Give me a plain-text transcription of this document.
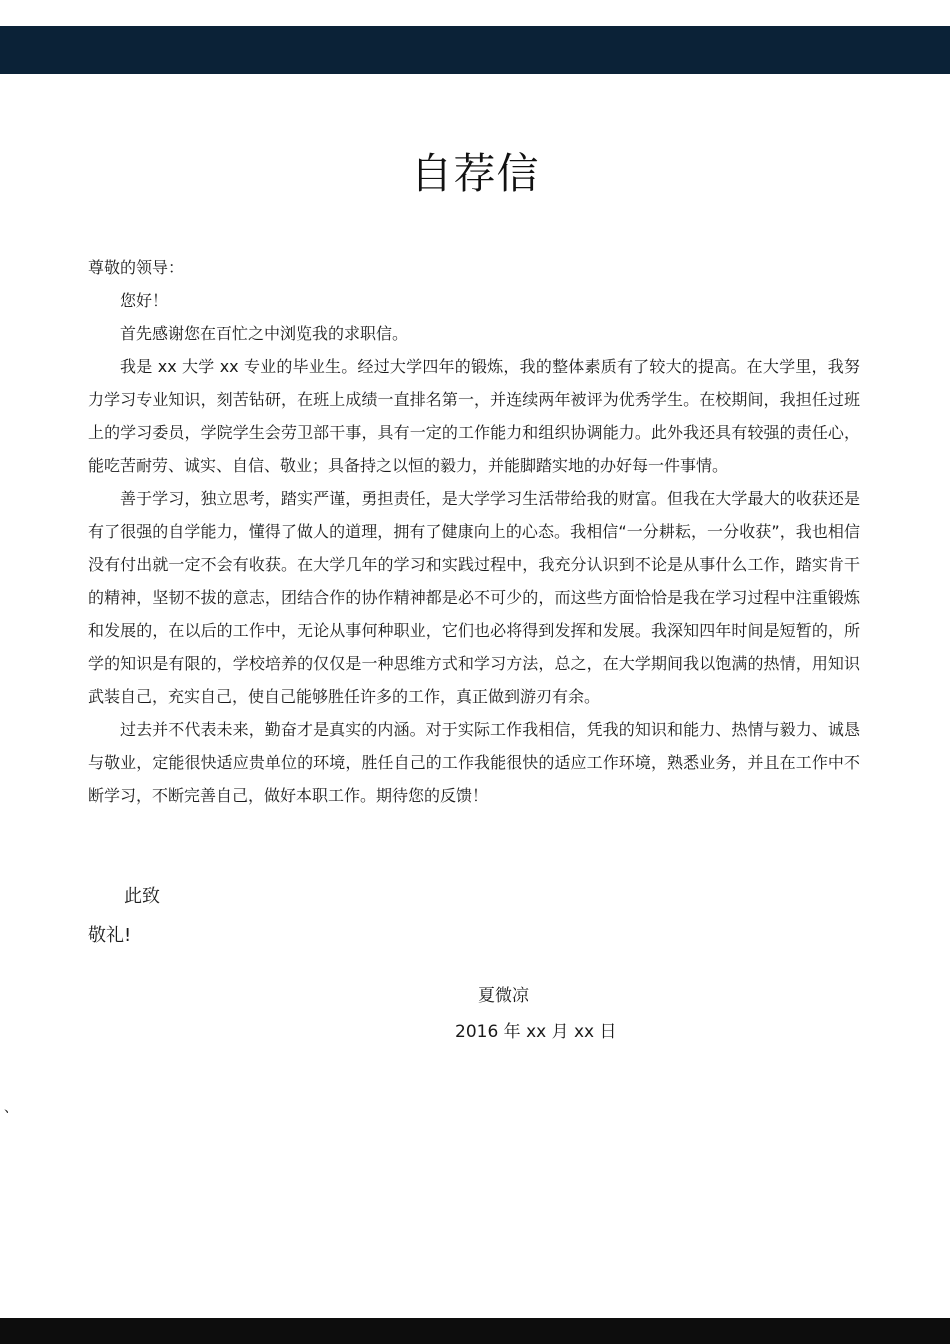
自荐信

尊敬的领导：

您好！

首先感谢您在百忙之中浏览我的求职信。

我是 xx 大学 xx 专业的毕业生。经过大学四年的锻炼，我的整体素质有了较大的提高。在大学里，我努力学习专业知识，刻苦钻研，在班上成绩一直排名第一，并连续两年被评为优秀学生。在校期间，我担任过班上的学习委员，学院学生会劳卫部干事，具有一定的工作能力和组织协调能力。此外我还具有较强的责任心，能吃苦耐劳、诚实、自信、敬业；具备持之以恒的毅力，并能脚踏实地的办好每一件事情。

善于学习，独立思考，踏实严谨，勇担责任，是大学学习生活带给我的财富。但我在大学最大的收获还是有了很强的自学能力，懂得了做人的道理，拥有了健康向上的心态。我相信“一分耕耘，一分收获”，我也相信没有付出就一定不会有收获。在大学几年的学习和实践过程中，我充分认识到不论是从事什么工作，踏实肯干的精神，坚韧不拔的意志，团结合作的协作精神都是必不可少的，而这些方面恰恰是我在学习过程中注重锻炼和发展的，在以后的工作中，无论从事何种职业，它们也必将得到发挥和发展。我深知四年时间是短暂的，所学的知识是有限的，学校培养的仅仅是一种思维方式和学习方法，总之，在大学期间我以饱满的热情，用知识武装自己，充实自己，使自己能够胜任许多的工作，真正做到游刃有余。

过去并不代表未来，勤奋才是真实的内涵。对于实际工作我相信，凭我的知识和能力、热情与毅力、诚恳与敬业，定能很快适应贵单位的环境，胜任自己的工作我能很快的适应工作环境，熟悉业务，并且在工作中不断学习，不断完善自己，做好本职工作。期待您的反馈！

此致
敬礼!
夏微凉
2016 年 xx 月 xx 日
、
